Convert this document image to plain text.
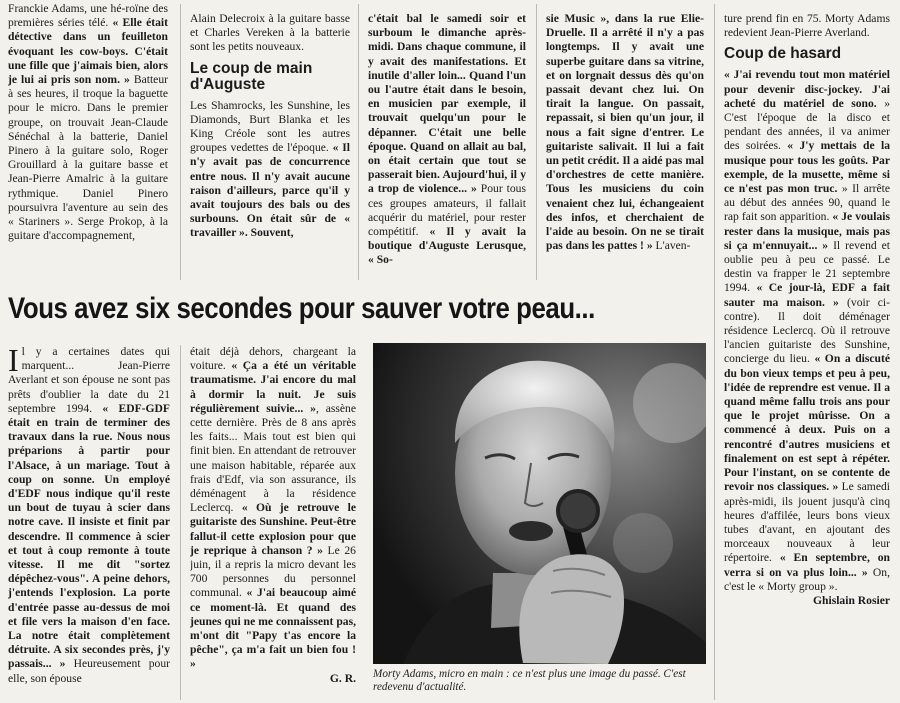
Franckie Adams, une hé-roïne des premières séries télé. « Elle était détective dans un feuilleton évoquant les cow-boys. C'était une fille que j'aimais bien, alors je lui ai pris son nom. » Batteur à ses heures, il troque la baguette pour le micro. Dans le premier groupe, on trouvait Jean-Claude Sénéchal à la batterie, Daniel Pinero à la guitare solo, Roger Grouillard à la guitare basse et Jean-Pierre Amalric à la guitare rythmique. Daniel Pinero poursuivra l'aventure au sein des « Stariners ». Serge Prokop, à la guitare d'accompagnement,

Alain Delecroix à la guitare basse et Charles Vereken à la batterie sont les petits nouveaux.

Le coup de main d'Auguste

Les Shamrocks, les Sunshine, les Diamonds, Burt Blanka et les King Créole sont les autres groupes vedettes de l'époque. « Il n'y avait pas de concurrence entre nous. Il n'y avait aucune raison d'ailleurs, parce qu'il y avait toujours des bals ou des surbouns. On était sûr de « travailler ». Souvent,

c'était bal le samedi soir et surboum le dimanche après-midi. Dans chaque commune, il y avait des manifestations. Et inutile d'aller loin... Quand l'un ou l'autre était dans le besoin, en musicien par exemple, il trouvait quelqu'un pour le dépanner. C'était une belle époque. Quand on allait au bal, on était certain que tout se passerait bien. Aujourd'hui, il y a trop de violence... » Pour tous ces groupes amateurs, il fallait acquérir du matériel, pour rester compétitif. « Il y avait la boutique d'Auguste Lerusque, « So-

sie Music », dans la rue Elie-Druelle. Il a arrêté il n'y a pas longtemps. Il y avait une superbe guitare dans sa vitrine, et on lorgnait dessus dès qu'on passait devant chez lui. On tirait la langue. On passait, repassait, si bien qu'un jour, il nous a fait signe d'entrer. Le guitariste salivait. Il lui a fait un petit crédit. Il a aidé pas mal d'orchestres de cette manière. Tous les musiciens du coin venaient chez lui, échangeaient des infos, et cherchaient de l'aide au besoin. On ne se tirait pas dans les pattes ! » L'aven-

ture prend fin en 75. Morty Adams redevient Jean-Pierre Averland.

Coup de hasard

« J'ai revendu tout mon matériel pour devenir disc-jockey. J'ai acheté du matériel de sono. » C'est l'époque de la disco et pendant des années, il va animer des soirées. « J'y mettais de la musique pour tous les goûts. Par exemple, de la musette, même si ce n'est pas mon truc. » Il arrête au début des années 90, quand le rap fait son apparition. « Je voulais rester dans la musique, mais pas si ça m'ennuyait... » Il revend et oublie peu à peu ce passé. Le destin va frapper le 21 septembre 1994. « Ce jour-là, EDF a fait sauter ma maison. » (voir ci-contre). Il doit déménager résidence Leclercq. Où il retrouve l'ancien guitariste des Sunshine, concierge du lieu. « On a discuté du bon vieux temps et peu à peu, l'idée de reprendre est venue. Il a quand même fallu trois ans pour que le projet mûrisse. On a commencé à deux. Puis on a rencontré d'autres musiciens et finalement on est sept à répéter. Pour l'instant, on se contente de revoir nos classiques. » Le samedi après-midi, ils jouent jusqu'à cinq heures d'affilée, leurs bons vieux tubes d'avant, en ajoutant des morceaux nouveaux à leur répertoire. « En septembre, on verra si on va plus loin... » On, c'est le « Morty group ».

Ghislain Rosier

Vous avez six secondes pour sauver votre peau...
I l y a certaines dates qui marquent... Jean-Pierre Averlant et son épouse ne sont pas prêts d'oublier la date du 21 septembre 1994. « EDF-GDF était en train de terminer des travaux dans la rue. Nous nous préparions à partir pour l'Alsace, à un mariage. Tout à coup on sonne. Un employé d'EDF nous indique qu'il reste un bout de tuyau à scier dans notre cave. Il insiste et finit par descendre. Il commence à scier et tout à coup remonte à toute vitesse. Il me dit "sortez dépêchez-vous". A peine dehors, j'entends l'explosion. La porte d'entrée passe au-dessus de moi et file vers la maison d'en face. La notre était complètement détruite. A six secondes près, j'y passais... » Heureusement pour elle, son épouse

était déjà dehors, chargeant la voiture. « Ça a été un véritable traumatisme. J'ai encore du mal à dormir la nuit. Je suis régulièrement suivie... », assène cette dernière. Près de 8 ans après les faits... Mais tout est bien qui finit bien. En attendant de retrouver une maison habitable, réparée aux frais d'Edf, via son assurance, ils déménagent à la résidence Leclercq. « Où je retrouve le guitariste des Sunshine. Peut-être fallut-il cette explosion pour que je reprique à chanson ? » Le 26 juin, il a repris la micro devant les 700 personnes du personnel communal. « J'ai beaucoup aimé ce moment-là. Et quand des jeunes qui ne me connaissent pas, m'ont dit "Papy t'as encore la pêche", ça m'a fait un bien fou ! »

G. R. Morty Adams, micro en main : ce n'est plus une image du passé. C'est redevenu d'actualité.
